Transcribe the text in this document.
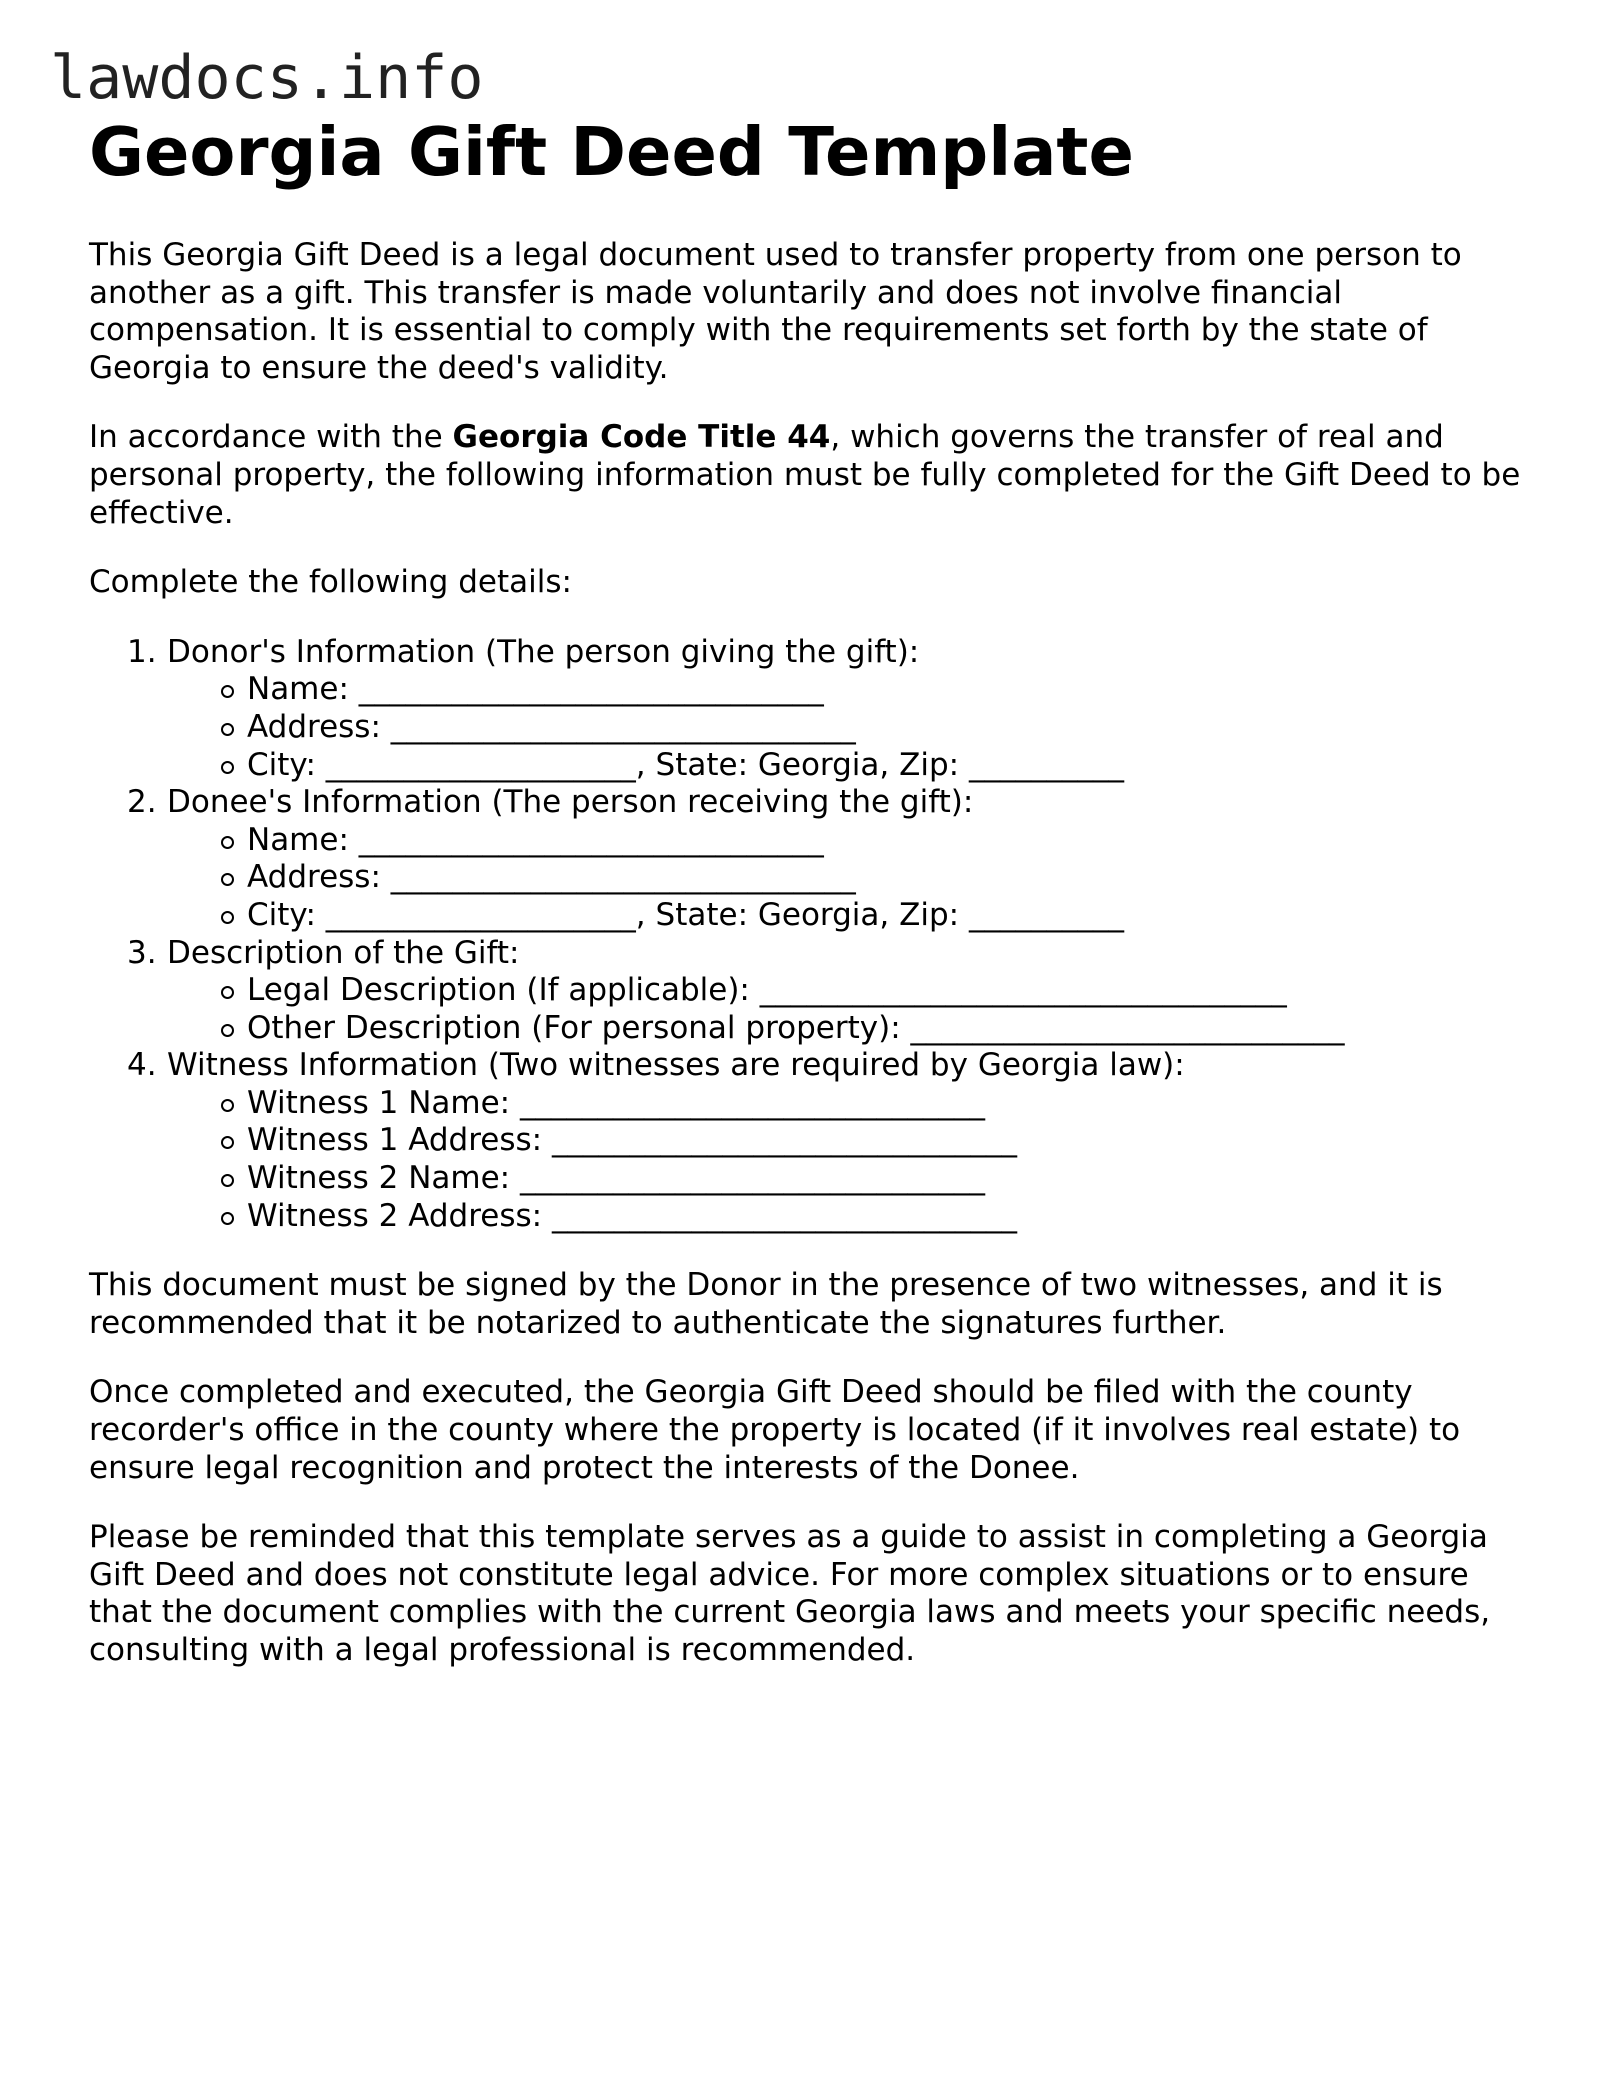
lawdocs.info
Georgia Gift Deed Template

This Georgia Gift Deed is a legal document used to transfer property from one person to another as a gift. This transfer is made voluntarily and does not involve financial compensation. It is essential to comply with the requirements set forth by the state of Georgia to ensure the deed's validity.

In accordance with the Georgia Code Title 44, which governs the transfer of real and personal property, the following information must be fully completed for the Gift Deed to be effective.

Complete the following details:

1. Donor's Information (The person giving the gift):
Name: ______________________________
Address: ______________________________
City: ____________________, State: Georgia, Zip: __________
2. Donee's Information (The person receiving the gift):
Name: ______________________________
Address: ______________________________
City: ____________________, State: Georgia, Zip: __________
3. Description of the Gift:
Legal Description (If applicable): __________________________________
Other Description (For personal property): ____________________________
4. Witness Information (Two witnesses are required by Georgia law):
Witness 1 Name: ______________________________
Witness 1 Address: ______________________________
Witness 2 Name: ______________________________
Witness 2 Address: ______________________________

This document must be signed by the Donor in the presence of two witnesses, and it is recommended that it be notarized to authenticate the signatures further.

Once completed and executed, the Georgia Gift Deed should be filed with the county recorder's office in the county where the property is located (if it involves real estate) to ensure legal recognition and protect the interests of the Donee.

Please be reminded that this template serves as a guide to assist in completing a Georgia Gift Deed and does not constitute legal advice. For more complex situations or to ensure that the document complies with the current Georgia laws and meets your specific needs, consulting with a legal professional is recommended.
